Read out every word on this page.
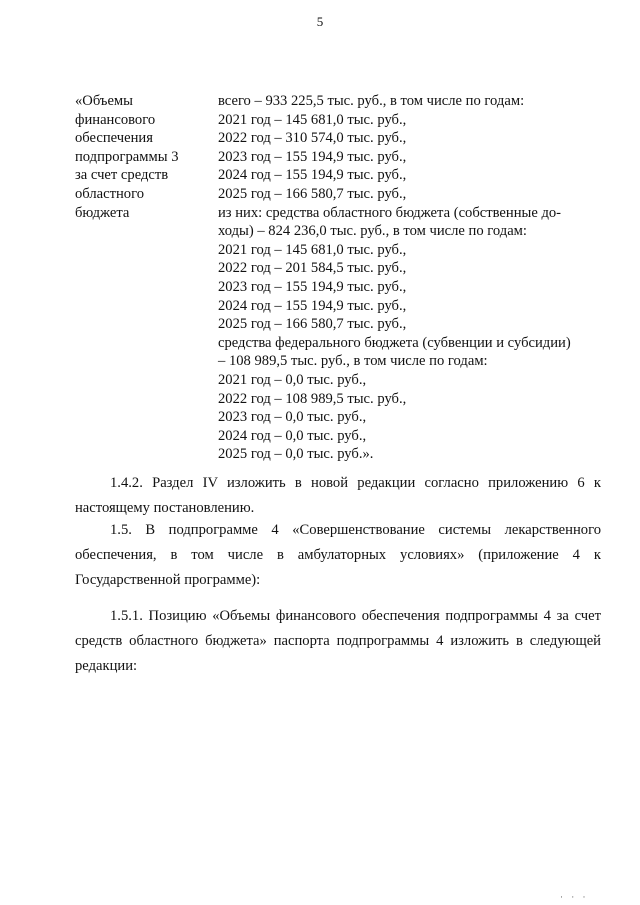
5
«Объемы
финансового
обеспечения
подпрограммы 3
за счет средств
областного
бюджета
всего – 933 225,5 тыс. руб., в том числе по годам:
2021 год – 145 681,0 тыс. руб.,
2022 год – 310 574,0 тыс. руб.,
2023 год – 155 194,9 тыс. руб.,
2024 год – 155 194,9 тыс. руб.,
2025 год – 166 580,7 тыс. руб.,
из них: средства областного бюджета (собственные до-
ходы) – 824 236,0 тыс. руб., в том числе по годам:
2021 год – 145 681,0 тыс. руб.,
2022 год – 201 584,5 тыс. руб.,
2023 год – 155 194,9 тыс. руб.,
2024 год – 155 194,9 тыс. руб.,
2025 год – 166 580,7 тыс. руб.,
средства федерального бюджета (субвенции и субсидии)
– 108 989,5 тыс. руб., в том числе по годам:
2021 год – 0,0 тыс. руб.,
2022 год – 108 989,5 тыс. руб.,
2023 год – 0,0 тыс. руб.,
2024 год – 0,0 тыс. руб.,
2025 год – 0,0 тыс. руб.».
1.4.2. Раздел IV изложить в новой редакции согласно приложению 6 к настоящему постановлению.
1.5. В подпрограмме 4 «Совершенствование системы лекарственного обеспечения, в том числе в амбулаторных условиях» (приложение 4 к Государственной программе):
1.5.1. Позицию «Объемы финансового обеспечения подпрограммы 4 за счет средств областного бюджета» паспорта подпрограммы 4 изложить в следующей редакции:
· · ·
